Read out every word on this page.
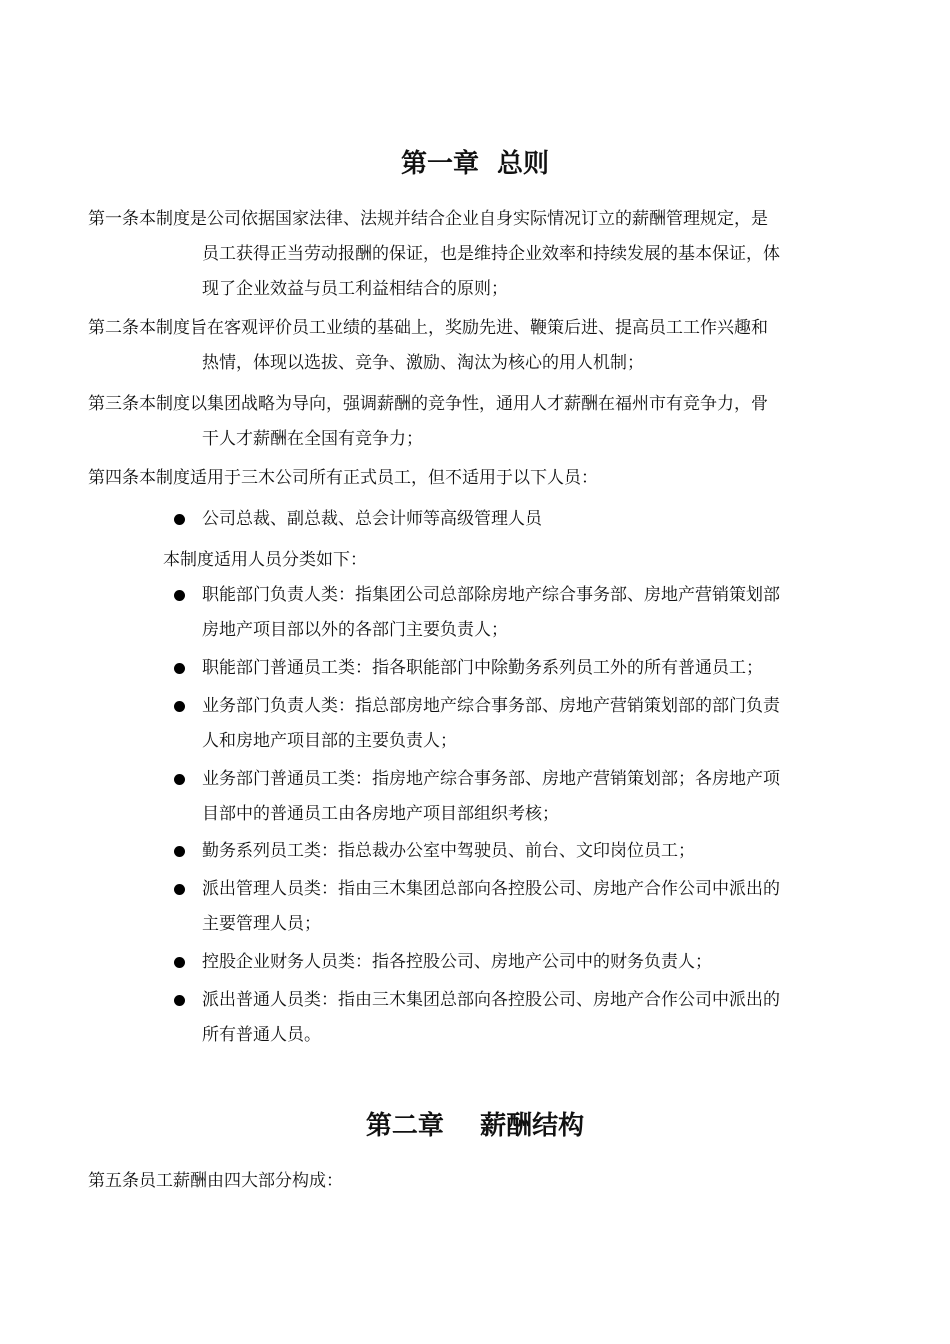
第一章  总则
第一条本制度是公司依据国家法律、法规并结合企业自身实际情况订立的薪酬管理规定，是
员工获得正当劳动报酬的保证，也是维持企业效率和持续发展的基本保证，体
现了企业效益与员工利益相结合的原则；
第二条本制度旨在客观评价员工业绩的基础上，奖励先进、鞭策后进、提高员工工作兴趣和
热情，体现以选拔、竞争、激励、淘汰为核心的用人机制；
第三条本制度以集团战略为导向，强调薪酬的竞争性，通用人才薪酬在福州市有竞争力，骨
干人才薪酬在全国有竞争力；
第四条本制度适用于三木公司所有正式员工，但不适用于以下人员：
公司总裁、副总裁、总会计师等高级管理人员
本制度适用人员分类如下：
职能部门负责人类：指集团公司总部除房地产综合事务部、房地产营销策划部
房地产项目部以外的各部门主要负责人；
职能部门普通员工类：指各职能部门中除勤务系列员工外的所有普通员工；
业务部门负责人类：指总部房地产综合事务部、房地产营销策划部的部门负责
人和房地产项目部的主要负责人；
业务部门普通员工类：指房地产综合事务部、房地产营销策划部；各房地产项
目部中的普通员工由各房地产项目部组织考核；
勤务系列员工类：指总裁办公室中驾驶员、前台、文印岗位员工；
派出管理人员类：指由三木集团总部向各控股公司、房地产合作公司中派出的
主要管理人员；
控股企业财务人员类：指各控股公司、房地产公司中的财务负责人；
派出普通人员类：指由三木集团总部向各控股公司、房地产合作公司中派出的
所有普通人员。
第二章    薪酬结构
第五条员工薪酬由四大部分构成：
